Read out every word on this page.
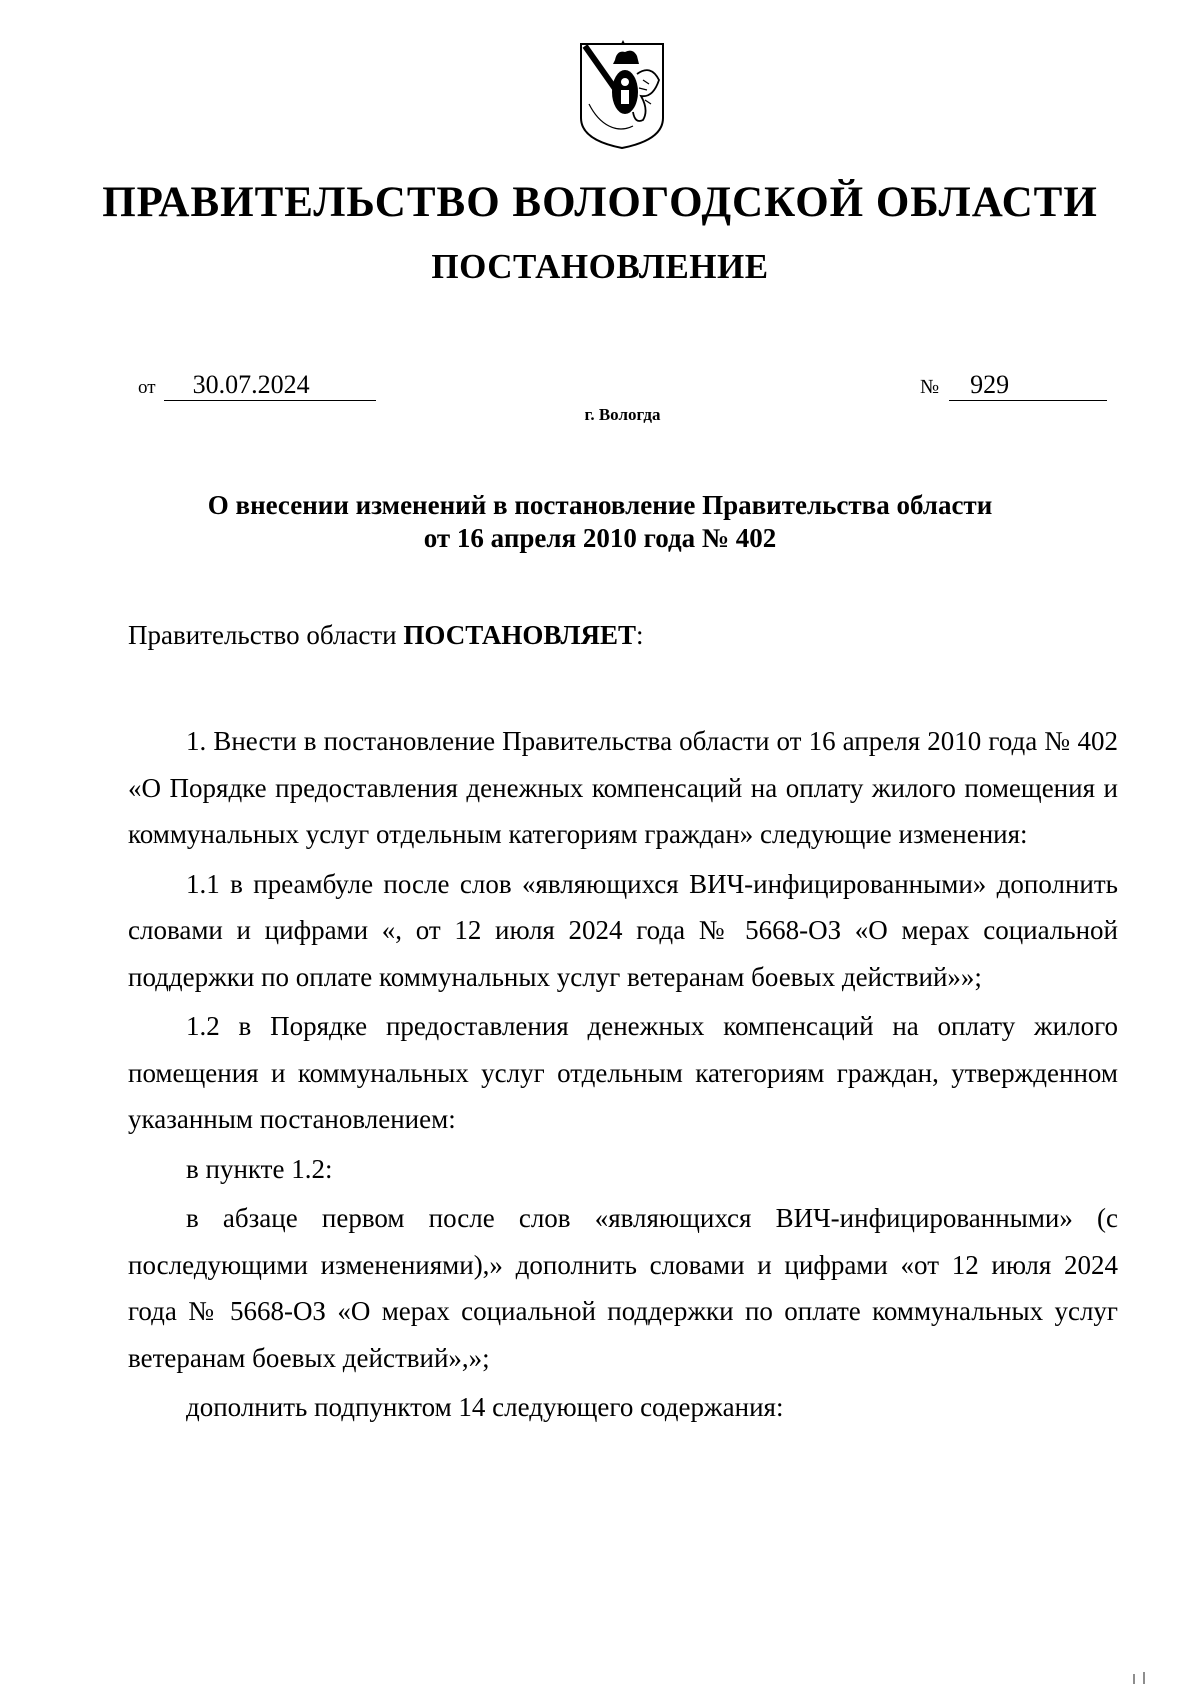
ПРАВИТЕЛЬСТВО ВОЛОГОДСКОЙ ОБЛАСТИ
ПОСТАНОВЛЕНИЕ
от 30.07.2024	№ 929
г. Вологда
О внесении изменений в постановление Правительства области
от 16 апреля 2010 года № 402
Правительство области ПОСТАНОВЛЯЕТ:

1. Внести в постановление Правительства области от 16 апреля 2010 года № 402 «О Порядке предоставления денежных компенсаций на оплату жилого помещения и коммунальных услуг отдельным категориям граждан» следующие изменения:

1.1 в преамбуле после слов «являющихся ВИЧ-инфицированными» дополнить словами и цифрами «, от 12 июля 2024 года № 5668-ОЗ «О мерах социальной поддержки по оплате коммунальных услуг ветеранам боевых действий»»;

1.2 в Порядке предоставления денежных компенсаций на оплату жилого помещения и коммунальных услуг отдельным категориям граждан, утвержденном указанным постановлением:

в пункте 1.2:

в абзаце первом после слов «являющихся ВИЧ-инфицированными» (с последующими изменениями),» дополнить словами и цифрами «от 12 июля 2024 года № 5668-ОЗ «О мерах социальной поддержки по оплате коммунальных услуг ветеранам боевых действий»,»;

дополнить подпунктом 14 следующего содержания:
